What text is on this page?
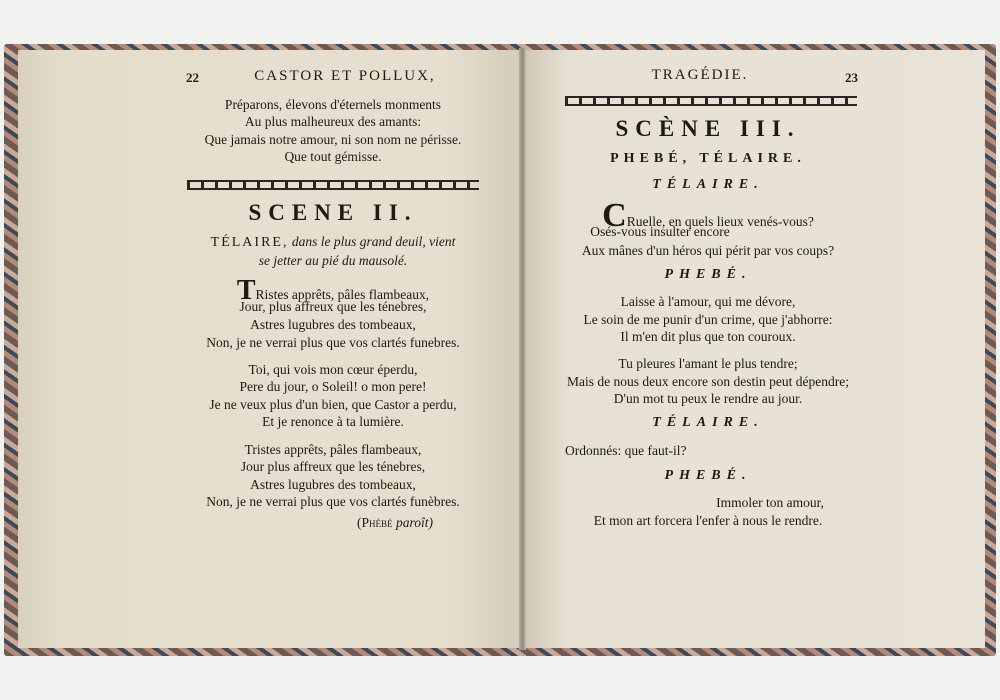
22	CASTOR ET POLLUX,
Préparons, élevons d'éternels monments
Au plus malheureux des amants:
Que jamais notre amour, ni son nom ne périsse.
Que tout gémisse.
SCENE II.
TÉLAIRE, dans le plus grand deuil, vient
se jetter au pié du mausolé.
TRistes apprêts, pâles flambeaux,
Jour, plus affreux que les ténebres,
Astres lugubres des tombeaux,
Non, je ne verrai plus que vos clartés funebres.
Toi, qui vois mon cœur éperdu,
Pere du jour, o Soleil! o mon pere!
Je ne veux plus d'un bien, que Castor a perdu,
Et je renonce à ta lumière.
Tristes apprêts, pâles flambeaux,
Jour plus affreux que les ténebres,
Astres lugubres des tombeaux,
Non, je ne verrai plus que vos clartés funèbres.
(Phébé paroît)
TRAGÉDIE.	23
SCÈNE III.
PHEBÉ, TÉLAIRE.
TÉLAIRE.
CRuelle, en quels lieux venés-vous?
Osés-vous insulter encore
Aux mânes d'un héros qui périt par vos coups?
PHEBÉ.
Laisse à l'amour, qui me dévore,
Le soin de me punir d'un crime, que j'abhorre:
Il m'en dit plus que ton couroux.
Tu pleures l'amant le plus tendre;
Mais de nous deux encore son destin peut dépendre;
D'un mot tu peux le rendre au jour.
TÉLAIRE.
Ordonnés: que faut-il?
PHEBÉ.
Immoler ton amour,
Et mon art forcera l'enfer à nous le rendre.
